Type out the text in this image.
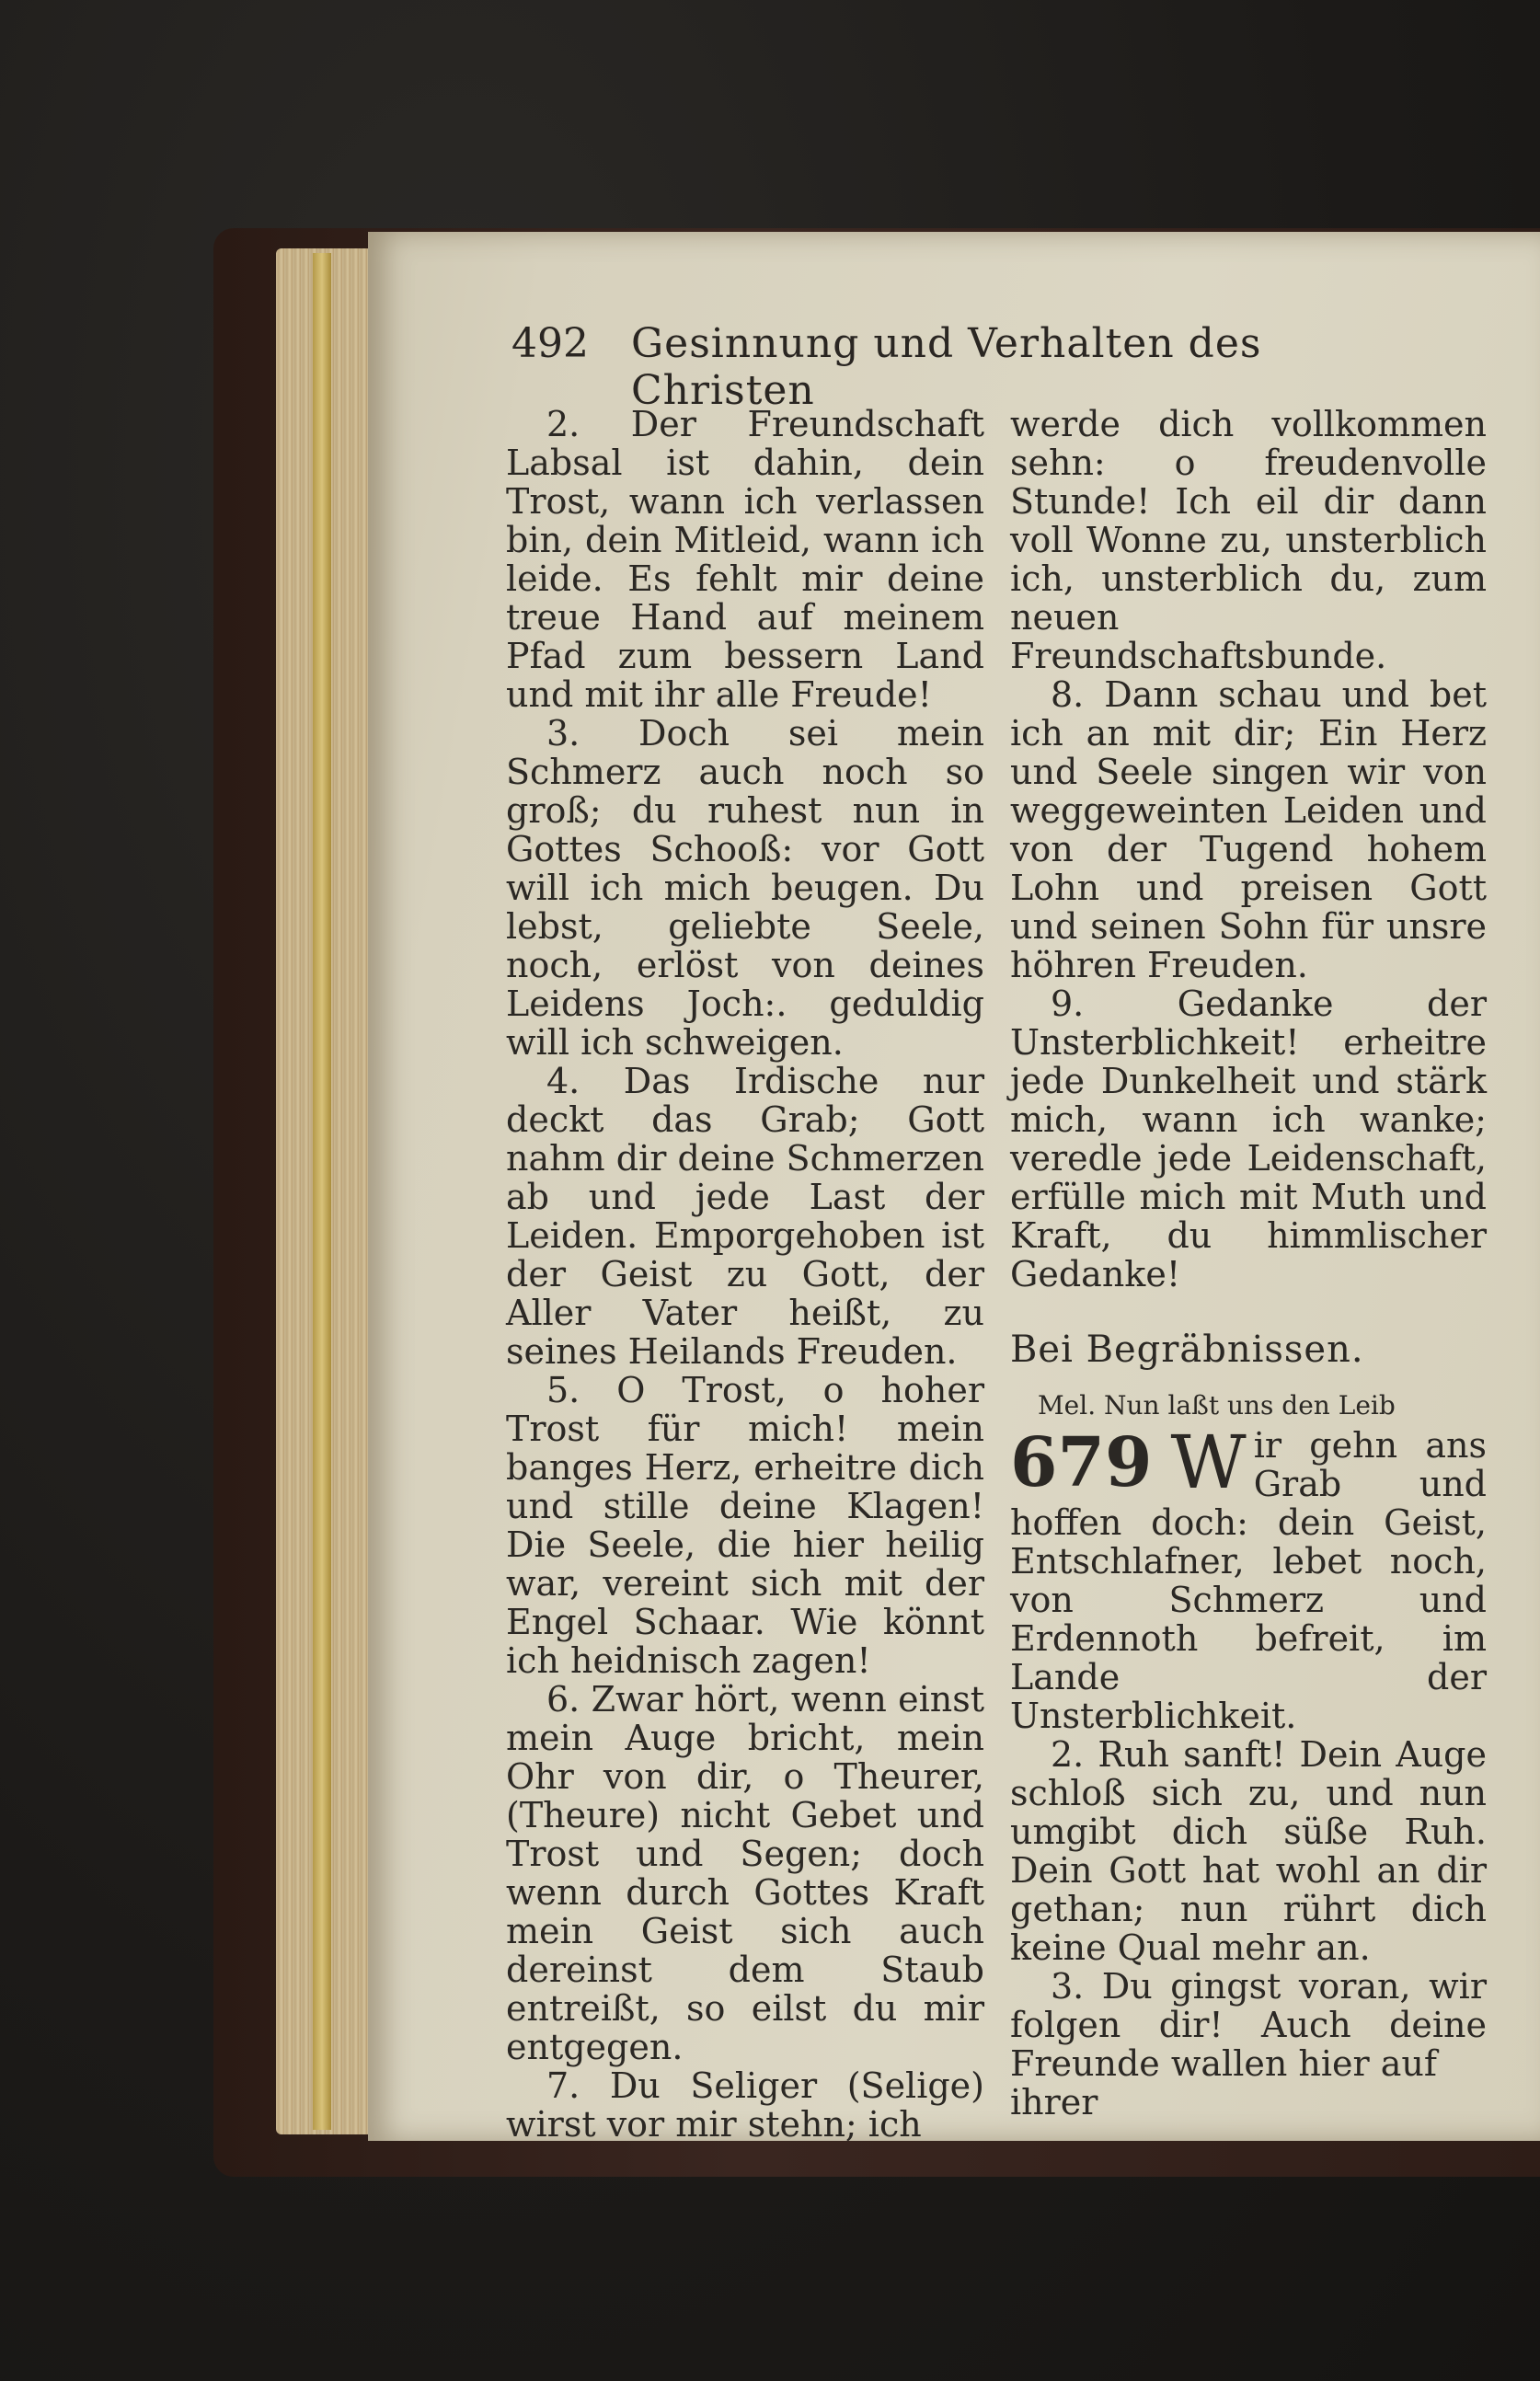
492 Gesinnung und Verhalten des Christen

2. Der Freundschaft Labsal ist dahin, dein Trost, wann ich verlassen bin, dein Mitleid, wann ich leide. Es fehlt mir deine treue Hand auf meinem Pfad zum bessern Land und mit ihr alle Freude!

3. Doch sei mein Schmerz auch noch so groß; du ruhest nun in Gottes Schooß: vor Gott will ich mich beugen. Du lebst, geliebte Seele, noch, erlöst von deines Leidens Joch:. geduldig will ich schweigen.

4. Das Irdische nur deckt das Grab; Gott nahm dir deine Schmerzen ab und jede Last der Leiden. Emporgehoben ist der Geist zu Gott, der Aller Vater heißt, zu seines Heilands Freuden.

5. O Trost, o hoher Trost für mich! mein banges Herz, erheitre dich und stille deine Klagen! Die Seele, die hier heilig war, vereint sich mit der Engel Schaar. Wie könnt ich heidnisch zagen!

6. Zwar hört, wenn einst mein Auge bricht, mein Ohr von dir, o Theurer, (Theure) nicht Gebet und Trost und Segen; doch wenn durch Gottes Kraft mein Geist sich auch dereinst dem Staub entreißt, so eilst du mir entgegen.

7. Du Seliger (Selige) wirst vor mir stehn; ich

werde dich vollkommen sehn: o freudenvolle Stunde! Ich eil dir dann voll Wonne zu, unsterblich ich, unsterblich du, zum neuen Freundschaftsbunde.

8. Dann schau und bet ich an mit dir; Ein Herz und Seele singen wir von weggeweinten Leiden und von der Tugend hohem Lohn und preisen Gott und seinen Sohn für unsre höhren Freuden.

9. Gedanke der Unsterblichkeit! erheitre jede Dunkelheit und stärk mich, wann ich wanke; veredle jede Leidenschaft, erfülle mich mit Muth und Kraft, du himmlischer Gedanke!

Bei Begräbnissen.

Mel. Nun laßt uns den Leib

679 W ir gehn ans Grab und hoffen doch: dein Geist, Entschlafner, lebet noch, von Schmerz und Erdennoth befreit, im Lande der Unsterblichkeit.

2. Ruh sanft! Dein Auge schloß sich zu, und nun umgibt dich süße Ruh. Dein Gott hat wohl an dir gethan; nun rührt dich keine Qual mehr an.

3. Du gingst voran, wir folgen dir! Auch deine Freunde wallen hier auf

ihrer
